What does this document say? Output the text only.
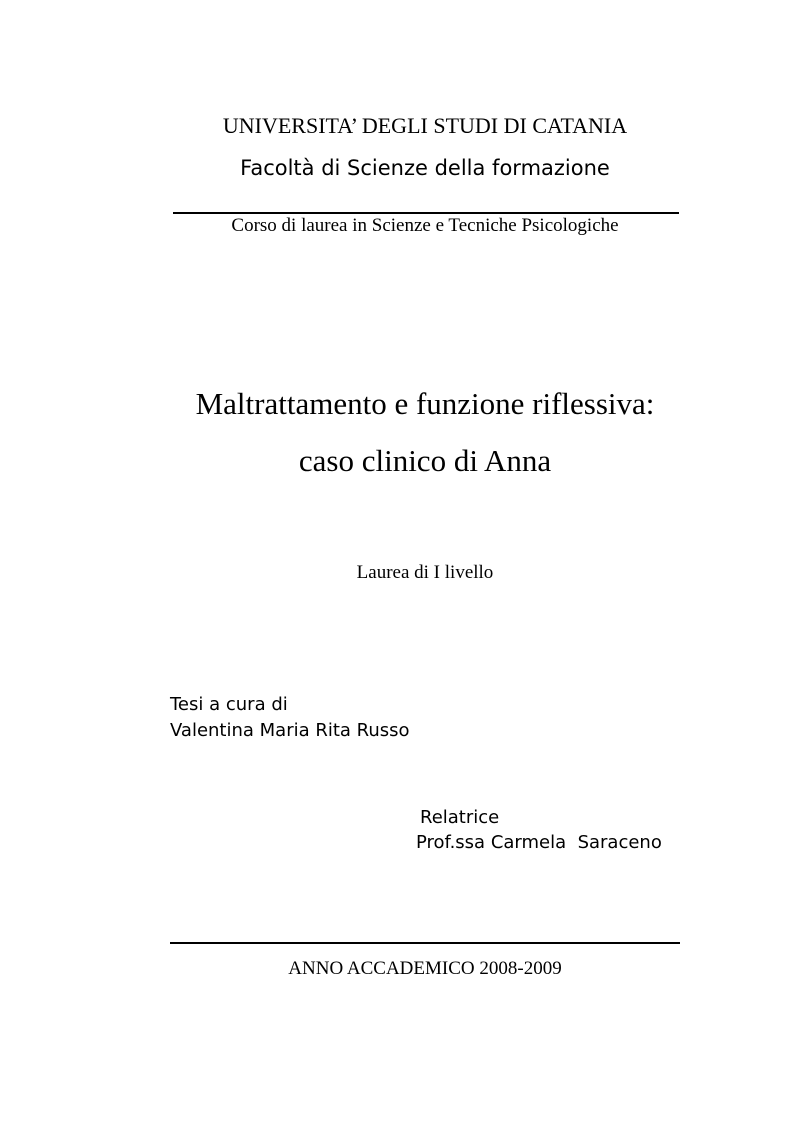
UNIVERSITA’ DEGLI STUDI DI CATANIA
Facoltà di Scienze della formazione
Corso di laurea in Scienze e Tecniche Psicologiche
Maltrattamento e funzione riflessiva:
caso clinico di Anna
Laurea di I livello
Tesi a cura di
Valentina Maria Rita Russo
Relatrice
Prof.ssa Carmela  Saraceno
ANNO ACCADEMICO 2008-2009
